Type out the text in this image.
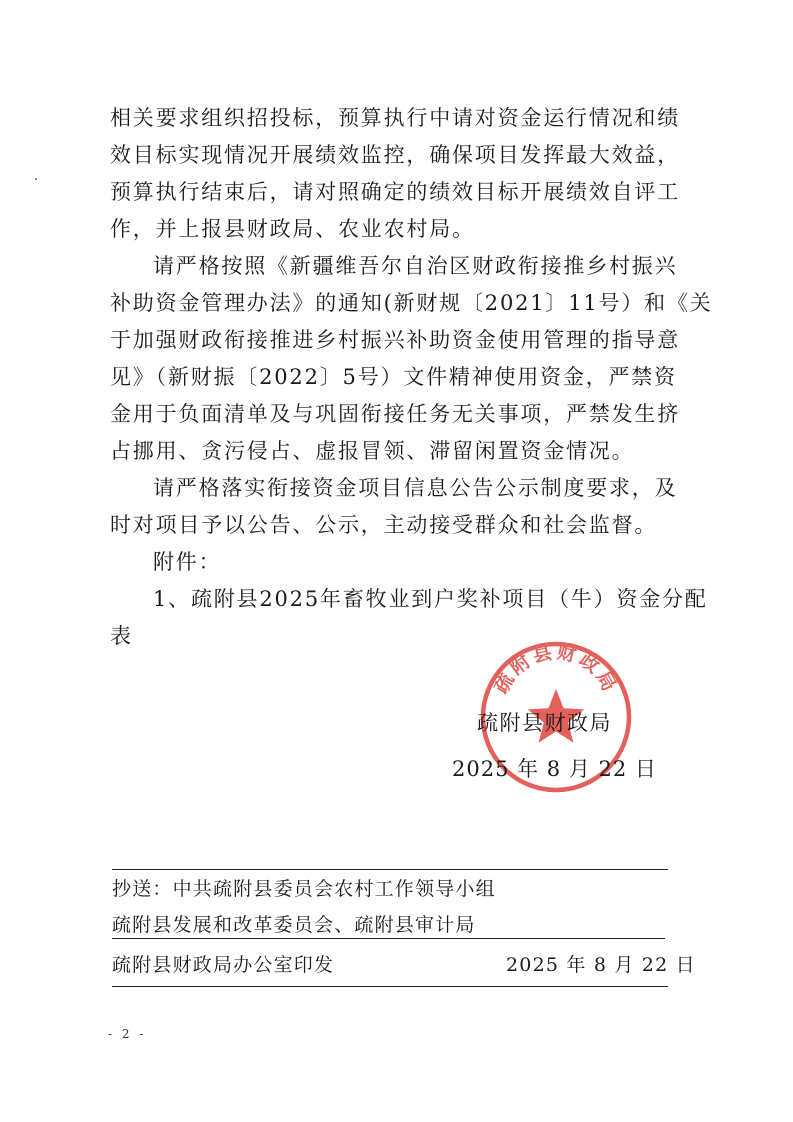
相关要求组织招投标，预算执行中请对资金运行情况和绩
效目标实现情况开展绩效监控，确保项目发挥最大效益，
预算执行结束后，请对照确定的绩效目标开展绩效自评工
作，并上报县财政局、农业农村局。
请严格按照《新疆维吾尔自治区财政衔接推乡村振兴
补助资金管理办法》的通知(新财规〔2021〕11号）和《关
于加强财政衔接推进乡村振兴补助资金使用管理的指导意
见》（新财振〔2022〕5号）文件精神使用资金，严禁资
金用于负面清单及与巩固衔接任务无关事项，严禁发生挤
占挪用、贪污侵占、虚报冒领、滞留闲置资金情况。
请严格落实衔接资金项目信息公告公示制度要求，及
时对项目予以公告、公示，主动接受群众和社会监督。
附件：
1、疏附县2025年畜牧业到户奖补项目（牛）资金分配
表
疏附县财政局
疏附县财政局
2025 年 8 月 22 日
抄送：中共疏附县委员会农村工作领导小组
疏附县发展和改革委员会、疏附县审计局
疏附县财政局办公室印发	2025 年 8 月 22 日
- 2 -
